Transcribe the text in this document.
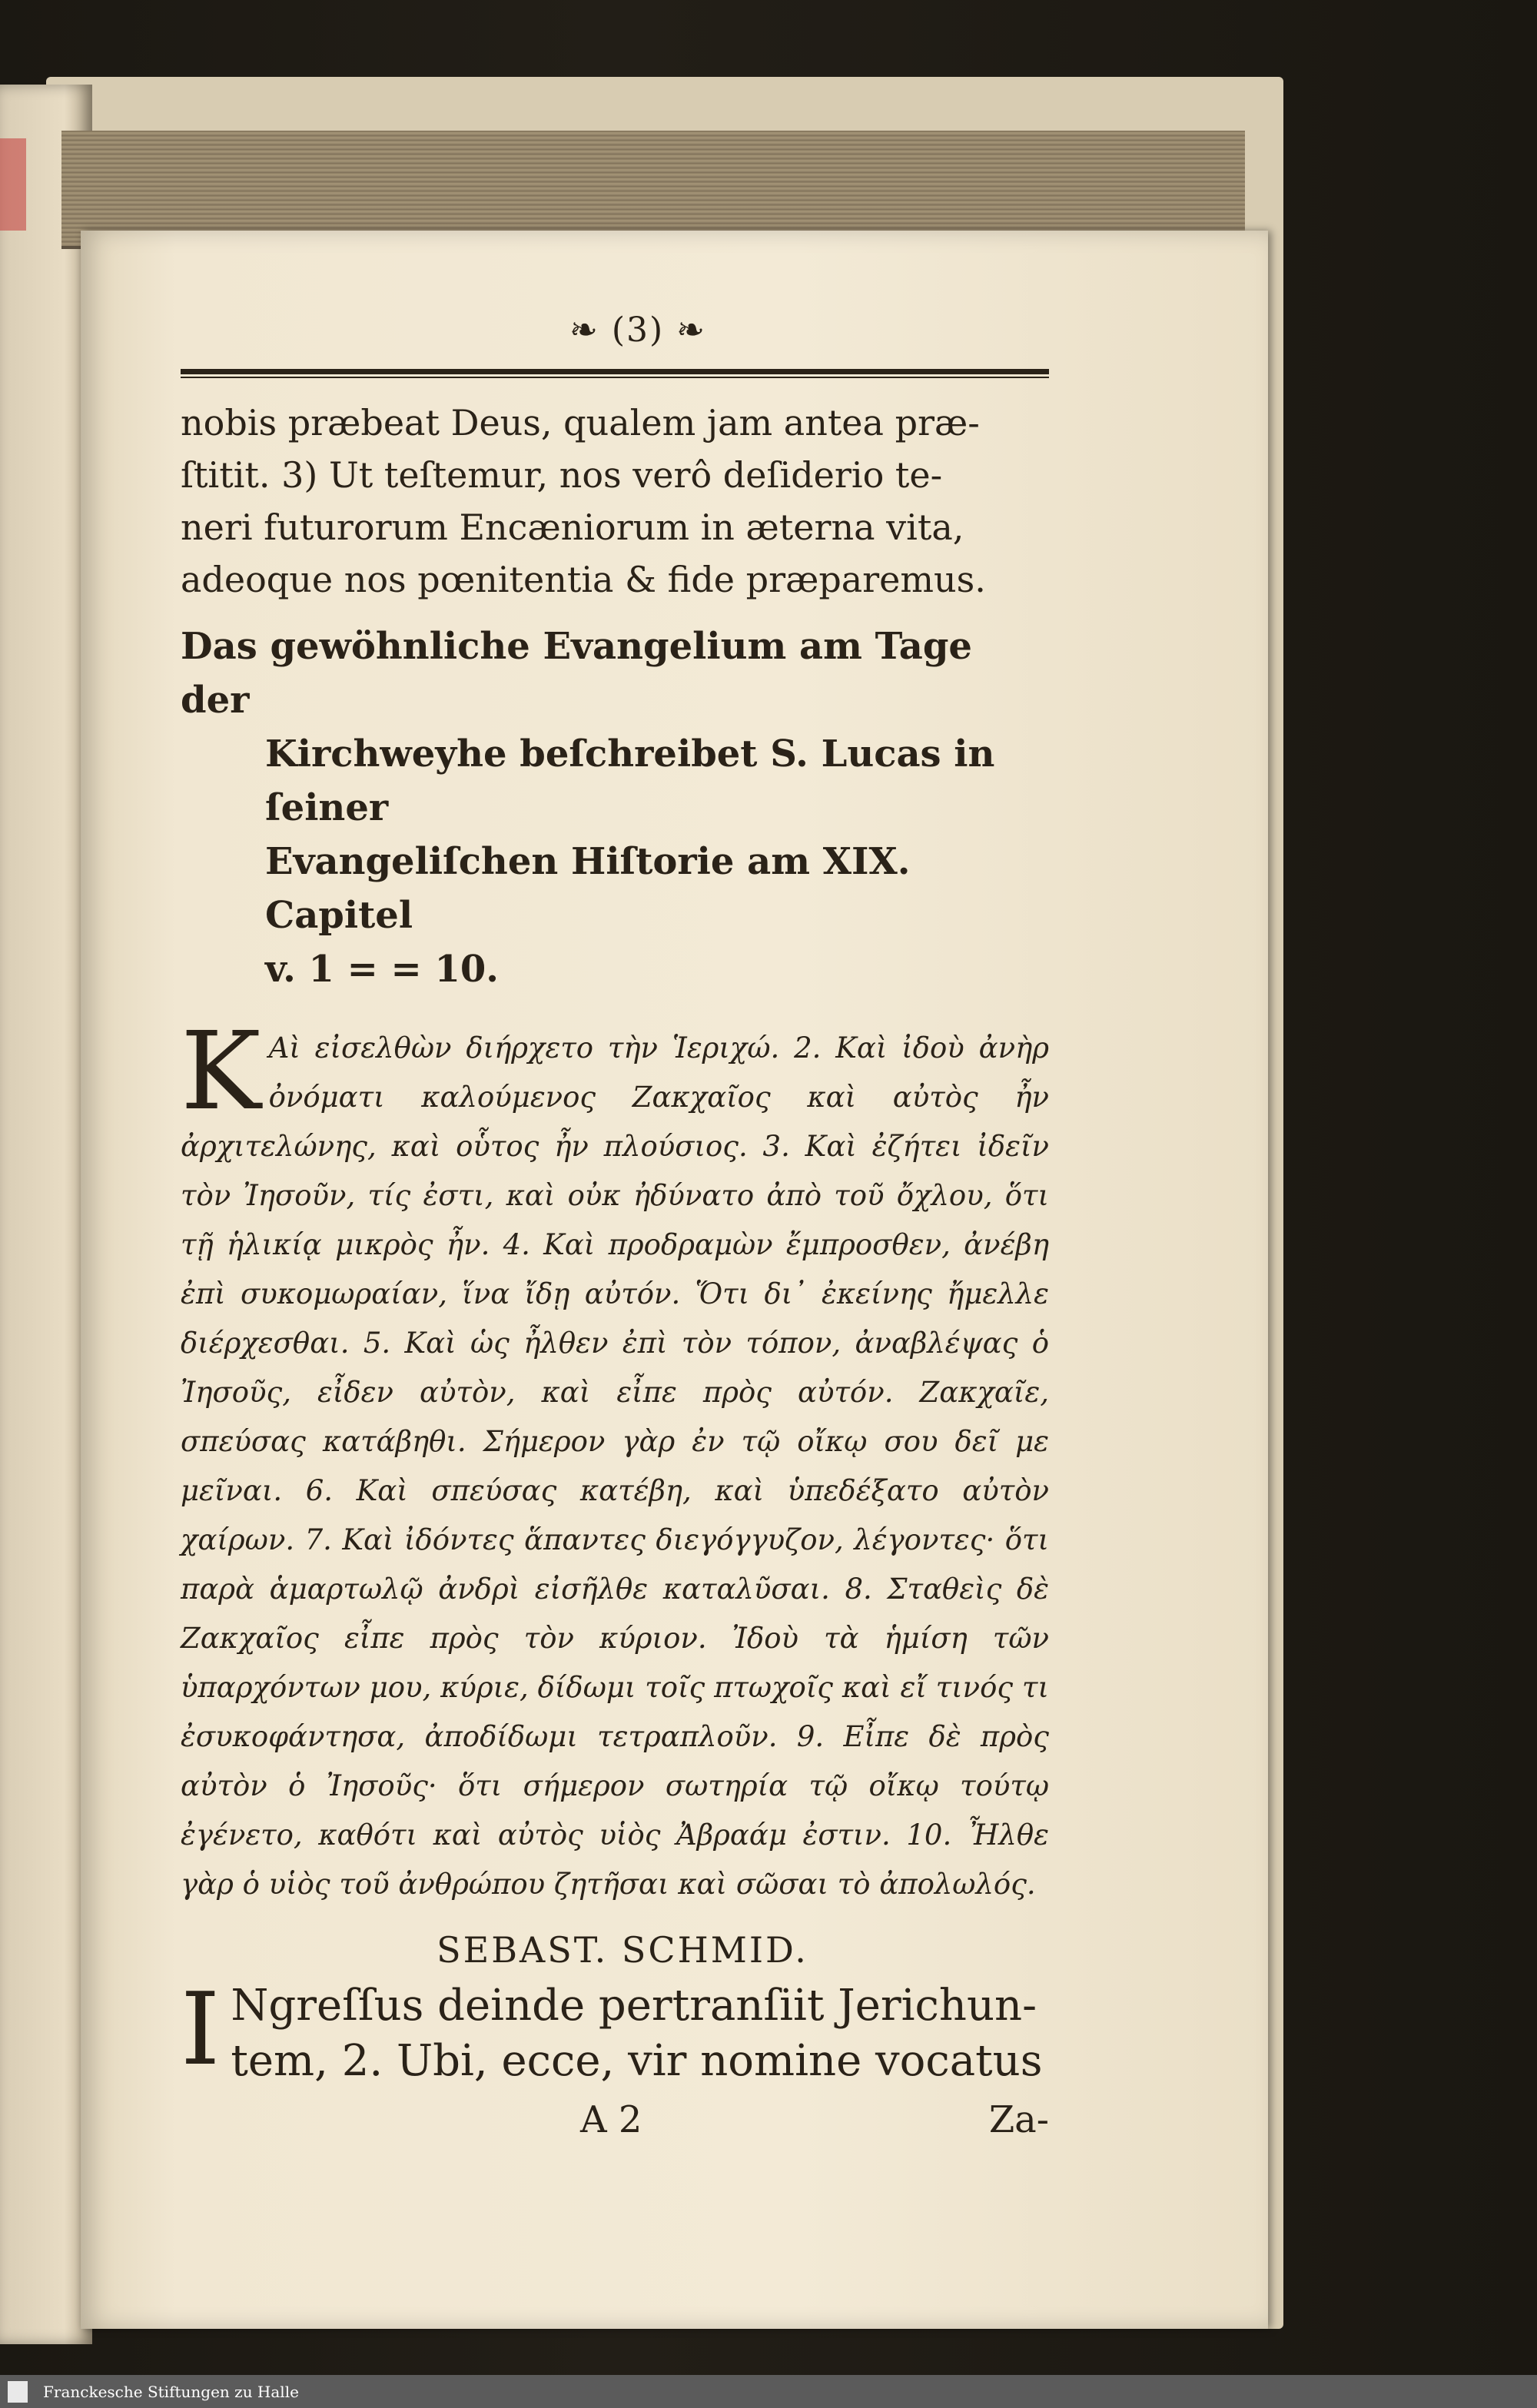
❧ (3) ❧

nobis præbeat Deus, qualem jam antea præ-

ſtitit. 3) Ut teſtemur, nos verô deſiderio te-

neri futurorum Encæniorum in æterna vita,

adeoque nos pœnitentia & fide præparemus.

Das gewöhnliche Evangelium am Tage der
Kirchweyhe beſchreibet S. Lucas in ſeiner
Evangeliſchen Hiſtorie am XIX. Capitel
v. 1 = = 10.
Κ Αὶ εἰσελθὼν διήρχετο τὴν Ἱεριχώ. 2. Καὶ ἰδοὺ ἀνὴρ ὀνόματι καλούμενος Ζακχαῖος καὶ αὐτὸς ἦν ἀρχιτελώνης, καὶ οὗτος ἦν πλούσιος. 3. Καὶ ἐζήτει ἰδεῖν τὸν Ἰησοῦν, τίς ἐστι, καὶ οὐκ ἠδύνατο ἀπὸ τοῦ ὄχλου, ὅτι τῇ ἡλικίᾳ μικρὸς ἦν. 4. Καὶ προδραμὼν ἔμπροσθεν, ἀνέβη ἐπὶ συκομωραίαν, ἵνα ἴδῃ αὐτόν. Ὅτι δι᾽ ἐκείνης ἤμελλε διέρχεσθαι. 5. Καὶ ὡς ἦλθεν ἐπὶ τὸν τόπον, ἀναβλέψας ὁ Ἰησοῦς, εἶδεν αὐτὸν, καὶ εἶπε πρὸς αὐτόν. Ζακχαῖε, σπεύσας κατάβηθι. Σήμερον γὰρ ἐν τῷ οἴκῳ σου δεῖ με μεῖναι. 6. Καὶ σπεύσας κατέβη, καὶ ὑπεδέξατο αὐτὸν χαίρων. 7. Καὶ ἰδόντες ἅπαντες διεγόγγυζον, λέγοντες· ὅτι παρὰ ἁμαρτωλῷ ἀνδρὶ εἰσῆλθε καταλῦσαι. 8. Σταθεὶς δὲ Ζακχαῖος εἶπε πρὸς τὸν κύριον. Ἰδοὺ τὰ ἡμίση τῶν ὑπαρχόντων μου, κύριε, δίδωμι τοῖς πτωχοῖς καὶ εἴ τινός τι ἐσυκοφάντησα, ἀποδίδωμι τετραπλοῦν. 9. Εἶπε δὲ πρὸς αὐτὸν ὁ Ἰησοῦς· ὅτι σήμερον σωτηρία τῷ οἴκῳ τούτῳ ἐγένετο, καθότι καὶ αὐτὸς υἱὸς Ἀβραάμ ἐστιν. 10. Ἦλθε γὰρ ὁ υἱὸς τοῦ ἀνθρώπου ζητῆσαι καὶ σῶσαι τὸ ἀπολωλός.
SEBAST. SCHMID.
I Ngreſſus deinde pertranſiit Jerichun-
tem, 2. Ubi, ecce, vir nomine vocatus
A 2	Za-
Franckesche Stiftungen zu Halle
